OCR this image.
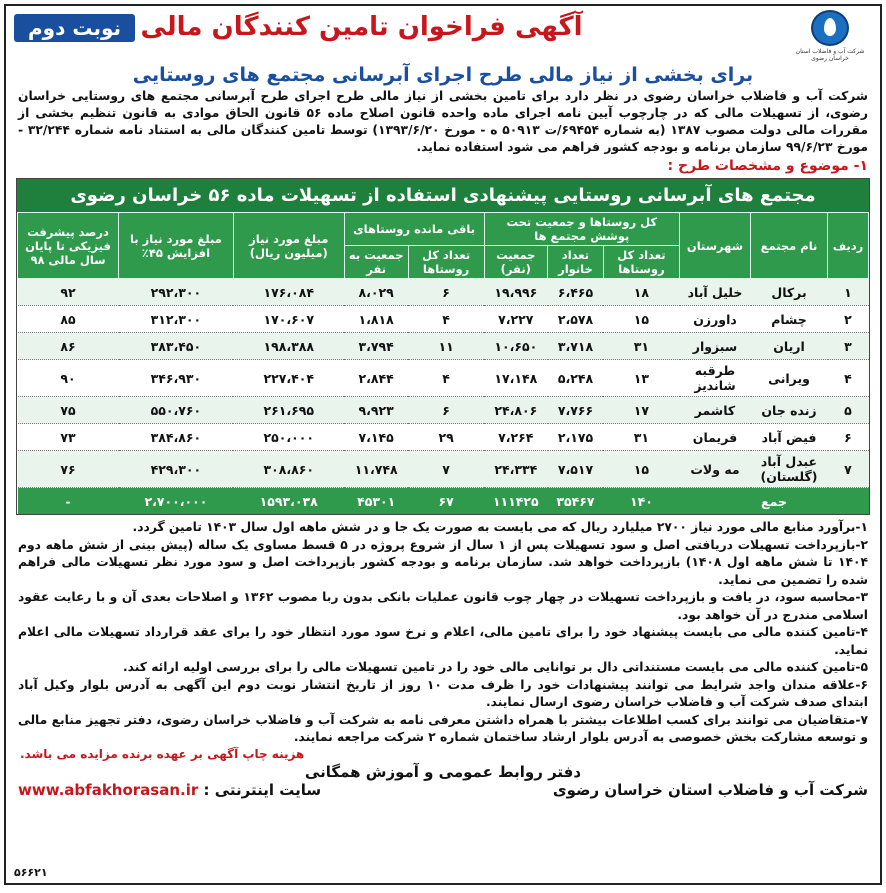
شرکت آب و فاضلاب استان خراسان رضوی
آگهی فراخوان تامین کنندگان مالی
نوبت دوم
برای بخشی از نیاز مالی طرح اجرای آبرسانی مجتمع های روستایی
شرکت آب و فاضلاب خراسان رضوی در نظر دارد برای تامین بخشی از نیاز مالی طرح اجرای طرح آبرسانی مجتمع های روستایی خراسان رضوی، از تسهیلات مالی که در چارچوب آیین نامه اجرای ماده واحده قانون اصلاح ماده ۵۶ قانون الحاق موادی به قانون تنظیم بخشی از مقررات مالی دولت مصوب ۱۳۸۷ (به شماره ۶۹۴۵۴/ت ۵۰۹۱۳ ه - مورخ ۱۳۹۳/۶/۲۰) توسط تامین کنندگان مالی به استناد نامه شماره ۳۲/۲۴۴ - مورخ ۹۹/۶/۲۳ سازمان برنامه و بودجه کشور فراهم می شود استفاده نماید.
۱- موضوع و مشخصات طرح :
مجتمع های آبرسانی روستایی پیشنهادی استفاده از تسهیلات ماده ۵۶ خراسان رضوی
ردیف	نام مجتمع	شهرستان	کل روستاها و جمعیت تحت پوشش مجتمع ها			باقی مانده روستاهای		مبلغ مورد نیاز (میلیون ریال)	مبلغ مورد نیاز با افزایش ۴۵٪	درصد پیشرفت فیزیکی تا پایان سال مالی ۹۸
			تعداد کل روستاها	تعداد خانوار	جمعیت (نفر)	تعداد کل روستاها	جمعیت به نفر			
۱	برکال	خلیل آباد	۱۸	۶،۴۶۵	۱۹،۹۹۶	۶	۸،۰۲۹	۱۷۶،۰۸۴	۲۹۲،۳۰۰	۹۲
۲	چشام	داورزن	۱۵	۲،۵۷۸	۷،۲۲۷	۴	۱،۸۱۸	۱۷۰،۶۰۷	۳۱۲،۳۰۰	۸۵
۳	اریان	سبزوار	۳۱	۳،۷۱۸	۱۰،۶۵۰	۱۱	۳،۷۹۴	۱۹۸،۳۸۸	۳۸۳،۴۵۰	۸۶
۴	ویرانی	طرقبه شاندیز	۱۳	۵،۲۴۸	۱۷،۱۴۸	۴	۲،۸۴۴	۲۲۷،۴۰۴	۳۴۶،۹۳۰	۹۰
۵	زنده جان	کاشمر	۱۷	۷،۷۶۶	۲۴،۸۰۶	۶	۹،۹۲۳	۲۶۱،۶۹۵	۵۵۰،۷۶۰	۷۵
۶	فیض آباد	فریمان	۳۱	۲،۱۷۵	۷،۲۶۴	۲۹	۷،۱۴۵	۲۵۰،۰۰۰	۳۸۴،۸۶۰	۷۳
۷	عبدل آباد (گلستان)	مه ولات	۱۵	۷،۵۱۷	۲۴،۳۳۴	۷	۱۱،۷۴۸	۳۰۸،۸۶۰	۴۲۹،۳۰۰	۷۶
جمع			۱۴۰	۳۵۴۶۷	۱۱۱۴۲۵	۶۷	۴۵۳۰۱	۱۵۹۳،۰۳۸	۲،۷۰۰،۰۰۰	-

۱-برآورد منابع مالی مورد نیاز ۲۷۰۰ میلیارد ریال که می بایست به صورت یک جا و در شش ماهه اول سال ۱۴۰۳ تامین گردد.

۲-بازپرداخت تسهیلات دریافتی اصل و سود تسهیلات پس از ۱ سال از شروع پروژه در ۵ قسط مساوی یک ساله (پیش بینی از شش ماهه دوم ۱۴۰۴ تا شش ماهه اول ۱۴۰۸) بازپرداخت خواهد شد. سازمان برنامه و بودجه کشور بازپرداخت اصل و سود مورد نظر تسهیلات مالی فراهم شده را تضمین می نماید.

۳-محاسبه سود، در یافت و بازپرداخت تسهیلات در چهار چوب قانون عملیات بانکی بدون ربا مصوب ۱۳۶۲ و اصلاحات بعدی آن و با رعایت عقود اسلامی مندرج در آن خواهد بود.

۴-تامین کننده مالی می بایست پیشنهاد خود را برای تامین مالی، اعلام و نرخ سود مورد انتظار خود را برای عقد قرارداد تسهیلات مالی اعلام نماید.

۵-تامین کننده مالی می بایست مستنداتی دال بر توانایی مالی خود را در تامین تسهیلات مالی را برای بررسی اولیه ارائه کند.

۶-علاقه مندان واجد شرایط می توانند پیشنهادات خود را ظرف مدت ۱۰ روز از تاریخ انتشار نوبت دوم این آگهی به آدرس بلوار وکیل آباد ابتدای صدف شرکت آب و فاضلاب خراسان رضوی ارسال نمایند.

۷-متقاضیان می توانند برای کسب اطلاعات بیشتر با همراه داشتن معرفی نامه به شرکت آب و فاضلاب خراسان رضوی، دفتر تجهیز منابع مالی و توسعه مشارکت بخش خصوصی به آدرس بلوار ارشاد ساختمان شماره ۲ شرکت مراجعه نمایند.

هزینه چاپ آگهی بر عهده برنده مزایده می باشد.
دفتر روابط عمومی و آموزش همگانی
شرکت آب و فاضلاب استان خراسان رضوی
سایت اینترنتی : www.abfakhorasan.ir
۵۶۶۲۱
